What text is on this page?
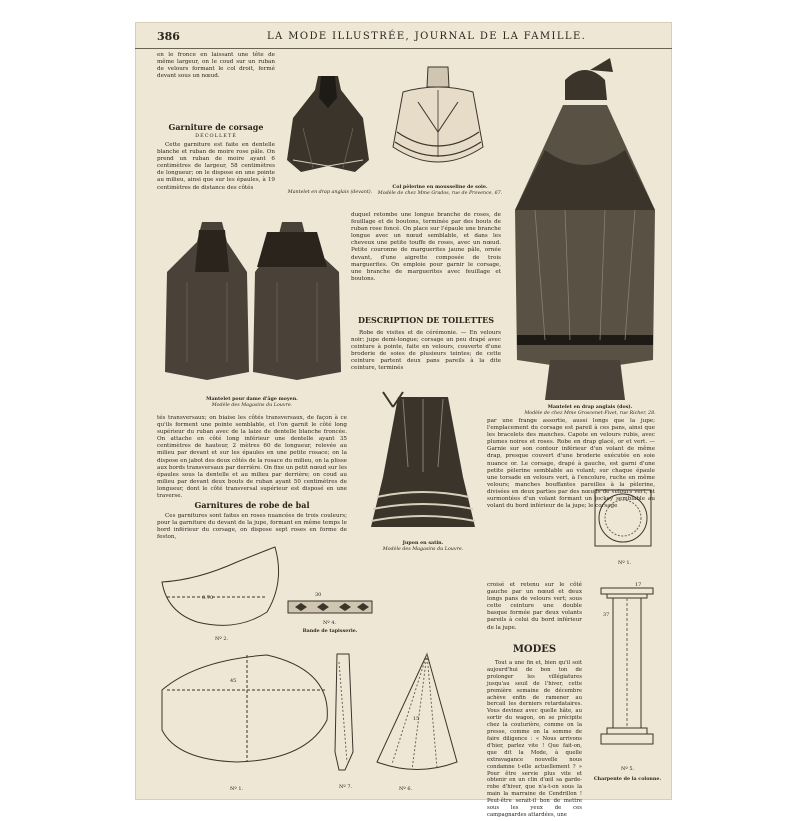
386	LA MODE ILLUSTRÉE, JOURNAL DE LA FAMILLE.

en le fronce en laissant une tête de même largeur, on le coud sur un ruban de velours formant le col droit, fermé devant sous un nœud.

Garniture de corsage
DÉCOLLETÉ

Cette garniture est faite en dentelle blanche et ruban de moire rose pâle. On prend un ruban de moire ayant 6 centimètres de largeur, 58 centimètres de longueur; on le dispose en une pointe au milieu, ainsi que sur les épaules, à 19 centimètres de distance des côtés

Mantelet en drap anglais (devant).
Col pèlerine en mousseline de soie.
Modèle de chez Mme Grados, rue de Provence, 67.
Mantelet en drap anglais (dos).
Modèle de chez Mme Groscenet-Fivet, rue Richer, 28.
Mantelet pour dame d'âge moyen.
Modèle des Magasins du Louvre.

duquel retombe une longue branche de roses, de feuillage et de boutons, terminée par des bouts de ruban rose foncé. On place sur l'épaule une branche longue avec un nœud semblable, et dans les cheveux une petite touffe de roses, avec un nœud. Petite couronne de marguerites jaune pâle, ornée devant, d'une aigrette composée de trois marguerites. On emploie pour garnir le corsage, une branche de marguerites avec feuillage et boutons.

DESCRIPTION DE TOILETTES

Robe de visites et de cérémonie. — En velours noir; jupe demi-longue; corsage un peu drapé avec ceinture à pointe, faite en velours, couverte d'une broderie de soies de plusieurs teintes; de cette ceinture partent deux pans pareils à la dite ceinture, terminés

tés transversaux; on biaise les côtés transversaux, de façon à ce qu'ils forment une pointe semblable, et l'on garnit le côté long supérieur du ruban avec de la laize de dentelle blanche froncée. On attache en côté long inférieur une dentelle ayant 35 centimètres de hauteur, 2 mètres 60 de longueur, relevée au milieu par devant et sur les épaules en une petite rosace; on la dispose en jabot des deux côtés de la rosace du milieu, on la plisse aux bords transversaux par derrière. On fixe un petit nœud sur les épaules sous la dentelle et au milieu par derrière; on coud au milieu par devant deux bouts de ruban ayant 50 centimètres de longueur, dont le côté transversal supérieur est disposé en une traverse.

Garnitures de robe de bal

Ces garnitures sont faites en roses nuancées de trois couleurs; pour la garniture du devant de la jupe, formant en même temps le bord inférieur du corsage, on dispose sept roses en forme de feston,

Jupon en satin.
Modèle des Magasins du Louvre.

par une frange assortie, aussi longs que la jupe; l'emplacement du corsage est pareil à ces pans, ainsi que les bracelets des manches. Capote en velours rubis, avec plumes noires et roses. Robe en drap glacé, or et vert. — Garnie sur son contour inférieur d'un volant de même drap, presque couvert d'une broderie exécutée en soie nuance or. Le corsage, drapé à gauche, est garni d'une petite pèlerine semblable au volant; sur chaque épaule une torsade en velours vert, à l'encolure, ruche en même velours; manches bouffantes pareilles à la pèlerine, divisées en deux parties par des nœuds de velours vert, et surmontées d'un volant formant un jockey semblable au volant du bord inférieur de la jupe; le corsage

Nº 1.

croisé et retenu sur le côté gauche par un nœud et deux longs pans de velours vert; sous cette ceinture une double basque formée par deux volants pareils à celui du bord inférieur de la jupe.

37
17
Nº 5.
Charpente de la colonne.
MODES

Tout a une fin et, bien qu'il soit aujourd'hui de bon ton de prolonger les villégiatures jusqu'au seuil de l'hiver, cette première semaine de décembre achève enfin de ramener au bercail les derniers retardataires. Vous devinez avec quelle hâte, au sortir du wagon, on se précipite chez la couturière, comme on la presse, comme on la somme de faire diligence : « Nous arrivons d'hier, parlez vite ! Que fait-on, que dit la Mode, à quelle extravagance nouvelle nous condamne t-elle actuellement ? » Pour être servie plus vite et obtenir en un clin d'œil sa garde-robe d'hiver, que n'a-t-on sous la main la marraine de Cendrillon ! Peut-être serait-il bon de mettre sous les yeux de ces campagnardes attardées, une

0.70
Nº 2.
30
Nº 4.
Bande de tapisserie.
45
Nº 1.	Nº 7.
15
Nº 6.
